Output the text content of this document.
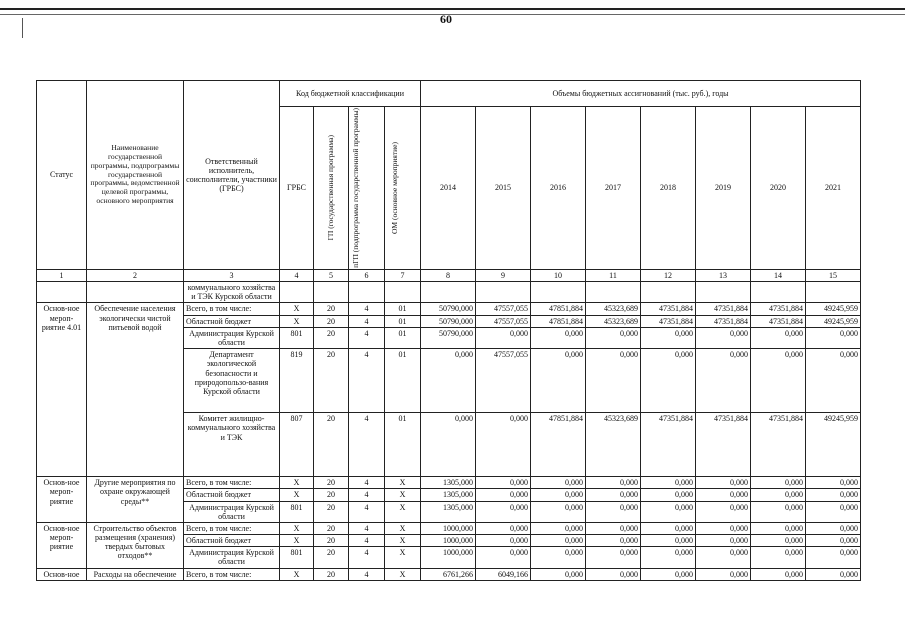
60
Статус	Наименование государственной программы, подпрограммы государственной программы, ведомственной целевой программы, основного мероприятия	Ответственный исполнитель, соисполнители, участники (ГРБС)	Код бюджетной классификации				Объемы бюджетных ассигнований (тыс. руб.), годы							
			ГРБС	ГП (государственная программа)	пГП (подпрограмма государственной программы)	ОМ (основное мероприятие)	2014	2015	2016	2017	2018	2019	2020	2021
1	2	3	4	5	6	7	8	9	10	11	12	13	14	15
		коммунального хозяйства и ТЭК Курской области												
Основ-ное мероп-риятие 4.01	Обеспечение населения экологически чистой питьевой водой	Всего, в том числе:	Х	20	4	01	50790,000	47557,055	47851,884	45323,689	47351,884	47351,884	47351,884	49245,959
		Областной бюджет	Х	20	4	01	50790,000	47557,055	47851,884	45323,689	47351,884	47351,884	47351,884	49245,959
		Администрация Курской области	801	20	4	01	50790,000	0,000	0,000	0,000	0,000	0,000	0,000	0,000
		Департамент экологической безопасности и природопользо-вания Курской области	819	20	4	01	0,000	47557,055	0,000	0,000	0,000	0,000	0,000	0,000
		Комитет жилищно-коммунального хозяйства и ТЭК	807	20	4	01	0,000	0,000	47851,884	45323,689	47351,884	47351,884	47351,884	49245,959
Основ-ное мероп-риятие	Другие мероприятия по охране окружающей среды**	Всего, в том числе:	Х	20	4	Х	1305,000	0,000	0,000	0,000	0,000	0,000	0,000	0,000
		Областной бюджет	Х	20	4	Х	1305,000	0,000	0,000	0,000	0,000	0,000	0,000	0,000
		Администрация Курской области	801	20	4	Х	1305,000	0,000	0,000	0,000	0,000	0,000	0,000	0,000
Основ-ное мероп-риятие	Строительство объектов размещения (хранения) твердых бытовых отходов**	Всего, в том числе:	Х	20	4	Х	1000,000	0,000	0,000	0,000	0,000	0,000	0,000	0,000
		Областной бюджет	Х	20	4	Х	1000,000	0,000	0,000	0,000	0,000	0,000	0,000	0,000
		Администрация Курской области	801	20	4	Х	1000,000	0,000	0,000	0,000	0,000	0,000	0,000	0,000
Основ-ное	Расходы на обеспечение	Всего, в том числе:	Х	20	4	Х	6761,266	6049,166	0,000	0,000	0,000	0,000	0,000	0,000
